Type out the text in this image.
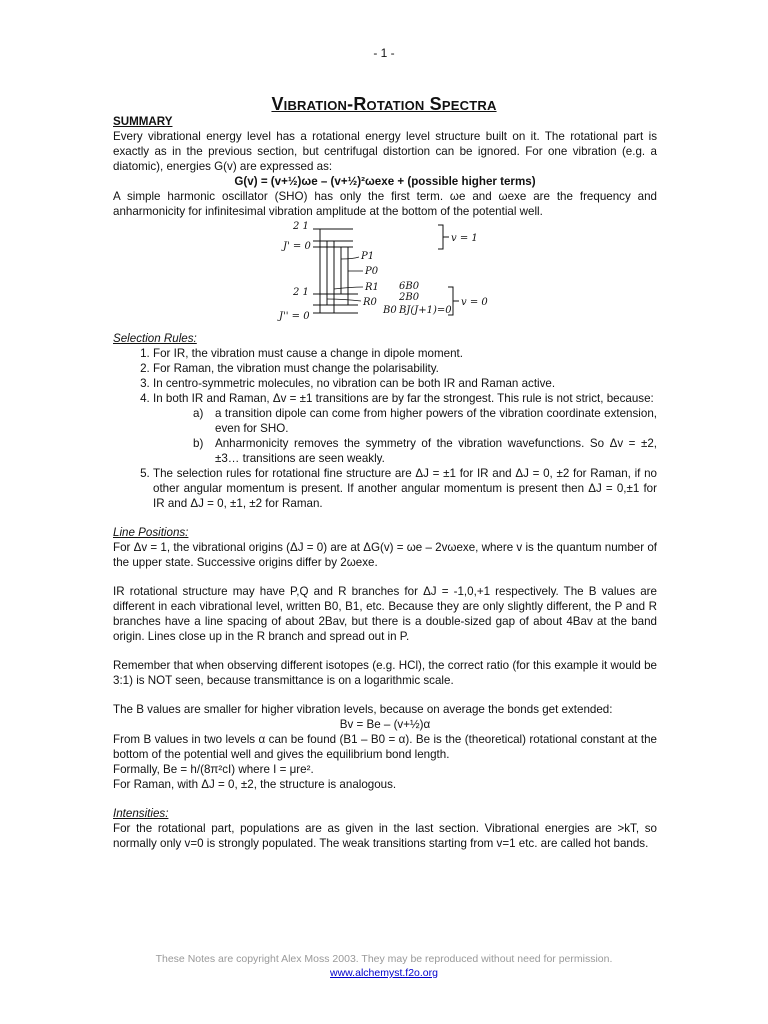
- 1 -
Vibration-Rotation Spectra
SUMMARY

Every vibrational energy level has a rotational energy level structure built on it. The rotational part is exactly as in the previous section, but centrifugal distortion can be ignored. For one vibration (e.g. a diatomic), energies G(v) are expressed as:

G(v) = (v+½)ωe – (v+½)²ωexe + (possible higher terms)

A simple harmonic oscillator (SHO) has only the first term. ωe and ωexe are the frequency and anharmonicity for infinitesimal vibration amplitude at the bottom of the potential well.

2 1
J' = 0
v = 1
P1
P0
R1
R0
6B0
2B0
B0 BJ(J+1)=0
2 1
J'' = 0
v = 0
Selection Rules:
1. For IR, the vibration must cause a change in dipole moment.
2. For Raman, the vibration must change the polarisability.
3. In centro-symmetric molecules, no vibration can be both IR and Raman active.
4. In both IR and Raman, Δv = ±1 transitions are by far the strongest. This rule is not strict, because:
a) a transition dipole can come from higher powers of the vibration coordinate extension, even for SHO.
b) Anharmonicity removes the symmetry of the vibration wavefunctions. So Δv = ±2, ±3… transitions are seen weakly.
5. The selection rules for rotational fine structure are ΔJ = ±1 for IR and ΔJ = 0, ±2 for Raman, if no other angular momentum is present. If another angular momentum is present then ΔJ = 0,±1 for IR and ΔJ = 0, ±1, ±2 for Raman.
Line Positions:

For Δv = 1, the vibrational origins (ΔJ = 0) are at ΔG(v) = ωe – 2vωexe, where v is the quantum number of the upper state. Successive origins differ by 2ωexe.

IR rotational structure may have P,Q and R branches for ΔJ = -1,0,+1 respectively. The B values are different in each vibrational level, written B0, B1, etc. Because they are only slightly different, the P and R branches have a line spacing of about 2Bav, but there is a double-sized gap of about 4Bav at the band origin. Lines close up in the R branch and spread out in P.

Remember that when observing different isotopes (e.g. HCl), the correct ratio (for this example it would be 3:1) is NOT seen, because transmittance is on a logarithmic scale.

The B values are smaller for higher vibration levels, because on average the bonds get extended:

Bv = Be – (v+½)α

From B values in two levels α can be found (B1 – B0 = α). Be is the (theoretical) rotational constant at the bottom of the potential well and gives the equilibrium bond length.

Formally, Be = h/(8π²cI) where I = μre².

For Raman, with ΔJ = 0, ±2, the structure is analogous.

Intensities:

For the rotational part, populations are as given in the last section. Vibrational energies are >kT, so normally only v=0 is strongly populated. The weak transitions starting from v=1 etc. are called hot bands.

These Notes are copyright Alex Moss 2003. They may be reproduced without need for permission.
www.alchemyst.f2o.org
